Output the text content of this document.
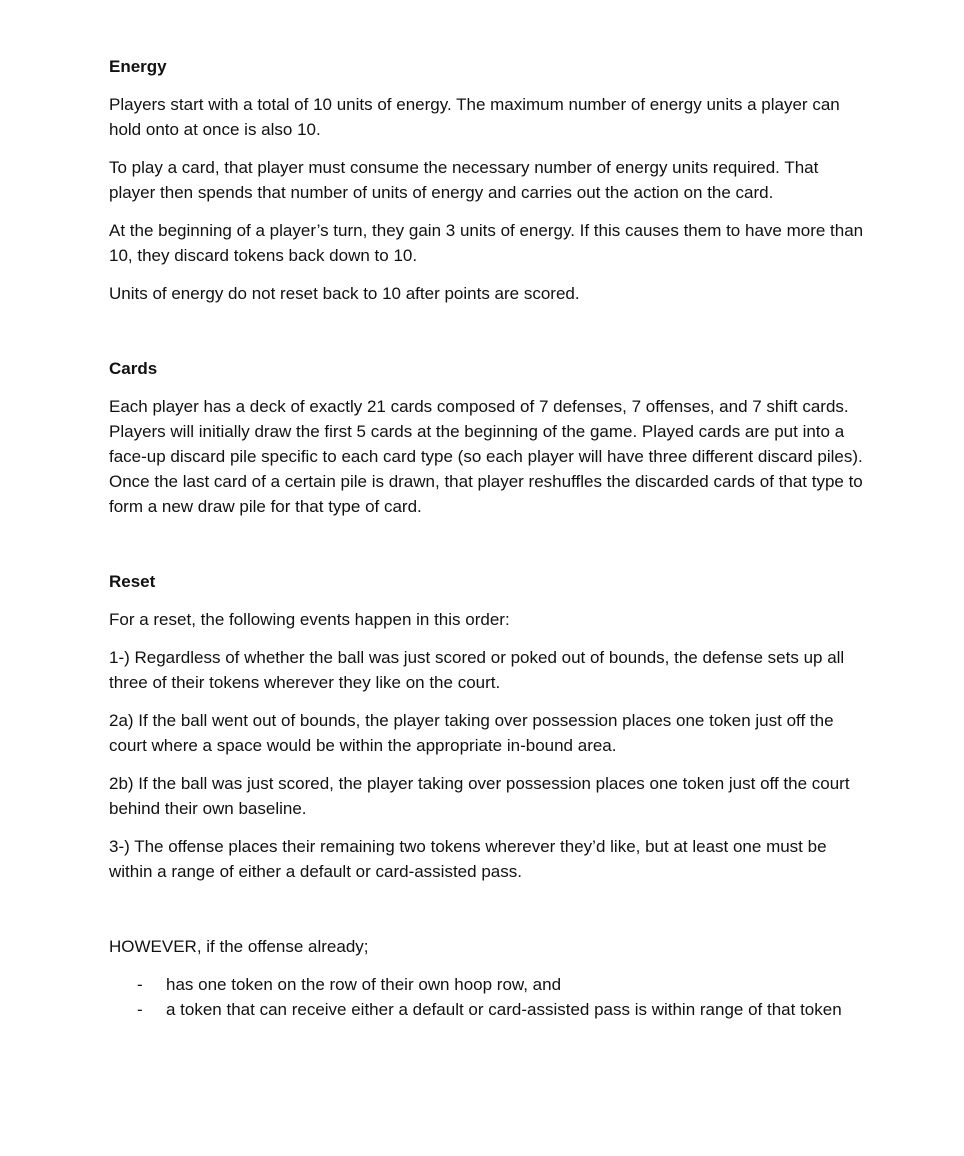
Energy

Players start with a total of 10 units of energy. The maximum number of energy units a player can hold onto at once is also 10.

To play a card, that player must consume the necessary number of energy units required. That player then spends that number of units of energy and carries out the action on the card.

At the beginning of a player’s turn, they gain 3 units of energy. If this causes them to have more than 10, they discard tokens back down to 10.

Units of energy do not reset back to 10 after points are scored.

Cards

Each player has a deck of exactly 21 cards composed of 7 defenses, 7 offenses, and 7 shift cards. Players will initially draw the first 5 cards at the beginning of the game. Played cards are put into a face-up discard pile specific to each card type (so each player will have three different discard piles). Once the last card of a certain pile is drawn, that player reshuffles the discarded cards of that type to form a new draw pile for that type of card.

Reset

For a reset, the following events happen in this order:

1-) Regardless of whether the ball was just scored or poked out of bounds, the defense sets up all three of their tokens wherever they like on the court.

2a) If the ball went out of bounds, the player taking over possession places one token just off the court where a space would be within the appropriate in-bound area.

2b) If the ball was just scored, the player taking over possession places one token just off the court behind their own baseline.

3-) The offense places their remaining two tokens wherever they’d like, but at least one must be within a range of either a default or card-assisted pass.

HOWEVER, if the offense already;

- has one token on the row of their own hoop row, and
- a token that can receive either a default or card-assisted pass is within range of that token
